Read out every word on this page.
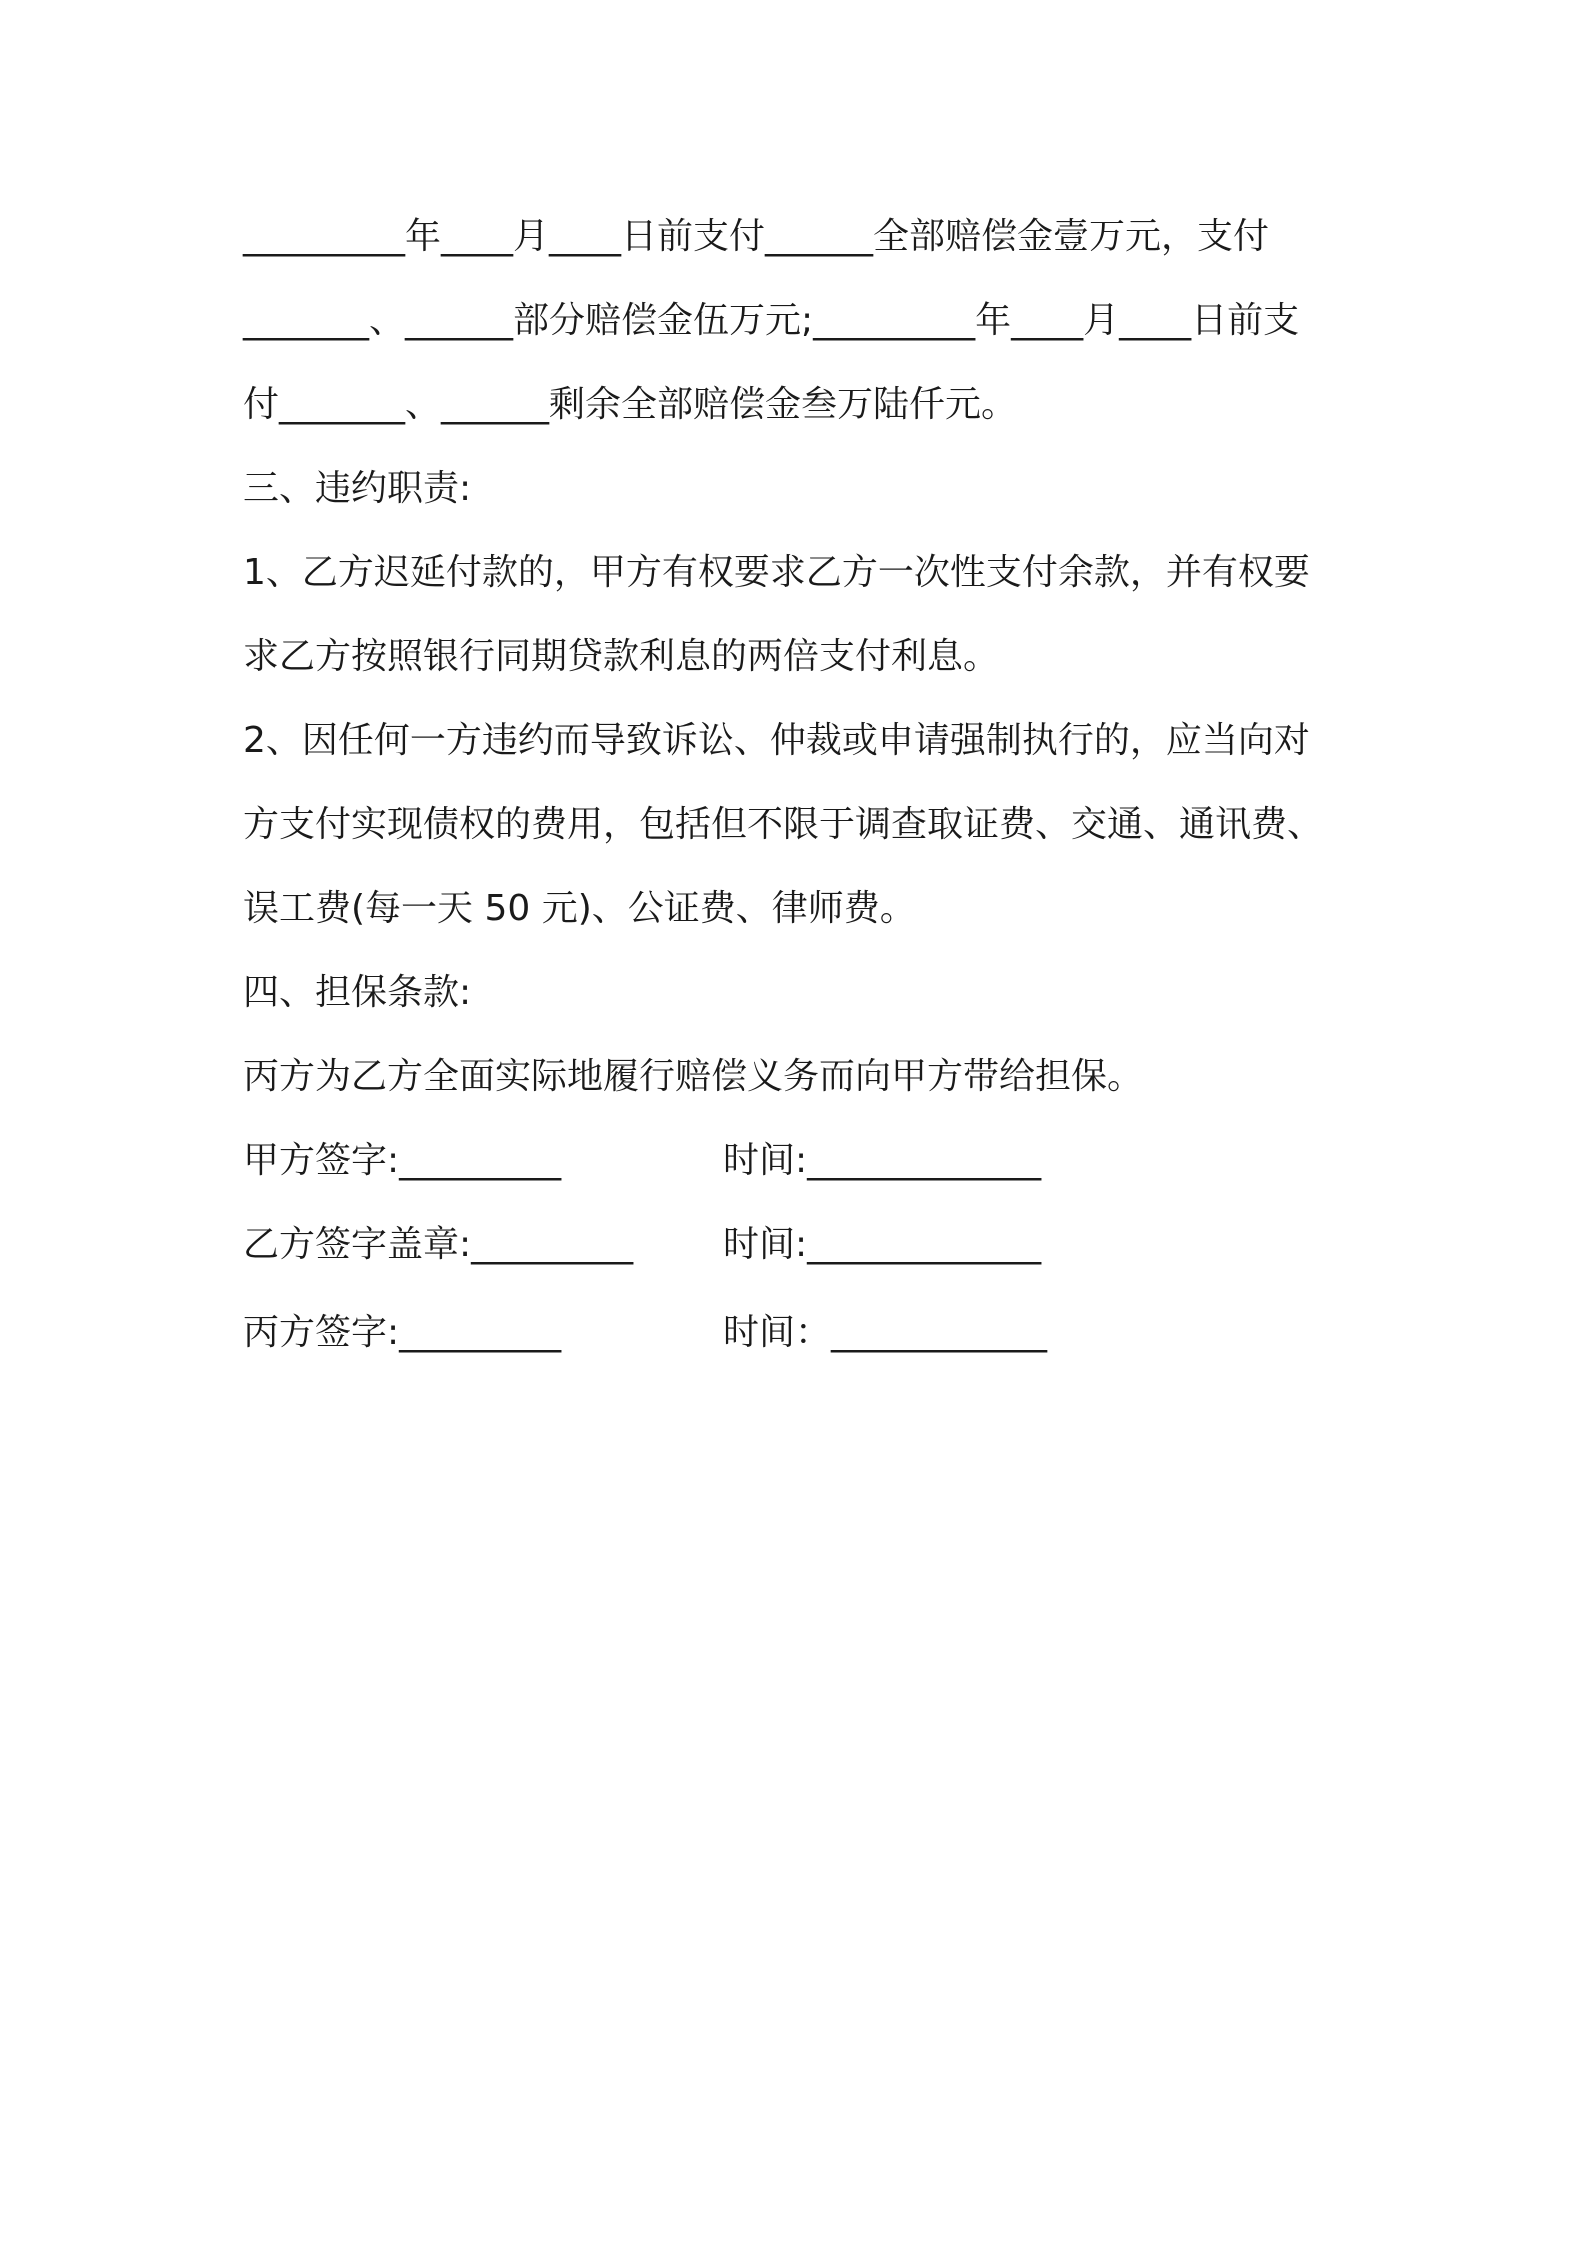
_________年____月____日前支付______全部赔偿金壹万元，支付
_______、______部分赔偿金伍万元;_________年____月____日前支
付_______、______剩余全部赔偿金叁万陆仟元。
三、违约职责:
1、乙方迟延付款的，甲方有权要求乙方一次性支付余款，并有权要
求乙方按照银行同期贷款利息的两倍支付利息。
2、因任何一方违约而导致诉讼、仲裁或申请强制执行的，应当向对
方支付实现债权的费用，包括但不限于调查取证费、交通、通讯费、
误工费(每一天 50 元)、公证费、律师费。
四、担保条款:
丙方为乙方全面实际地履行赔偿义务而向甲方带给担保。
甲方签字:_________	时间:_____________
乙方签字盖章:_________ 时间:_____________
丙方签字:_________	时间：____________
